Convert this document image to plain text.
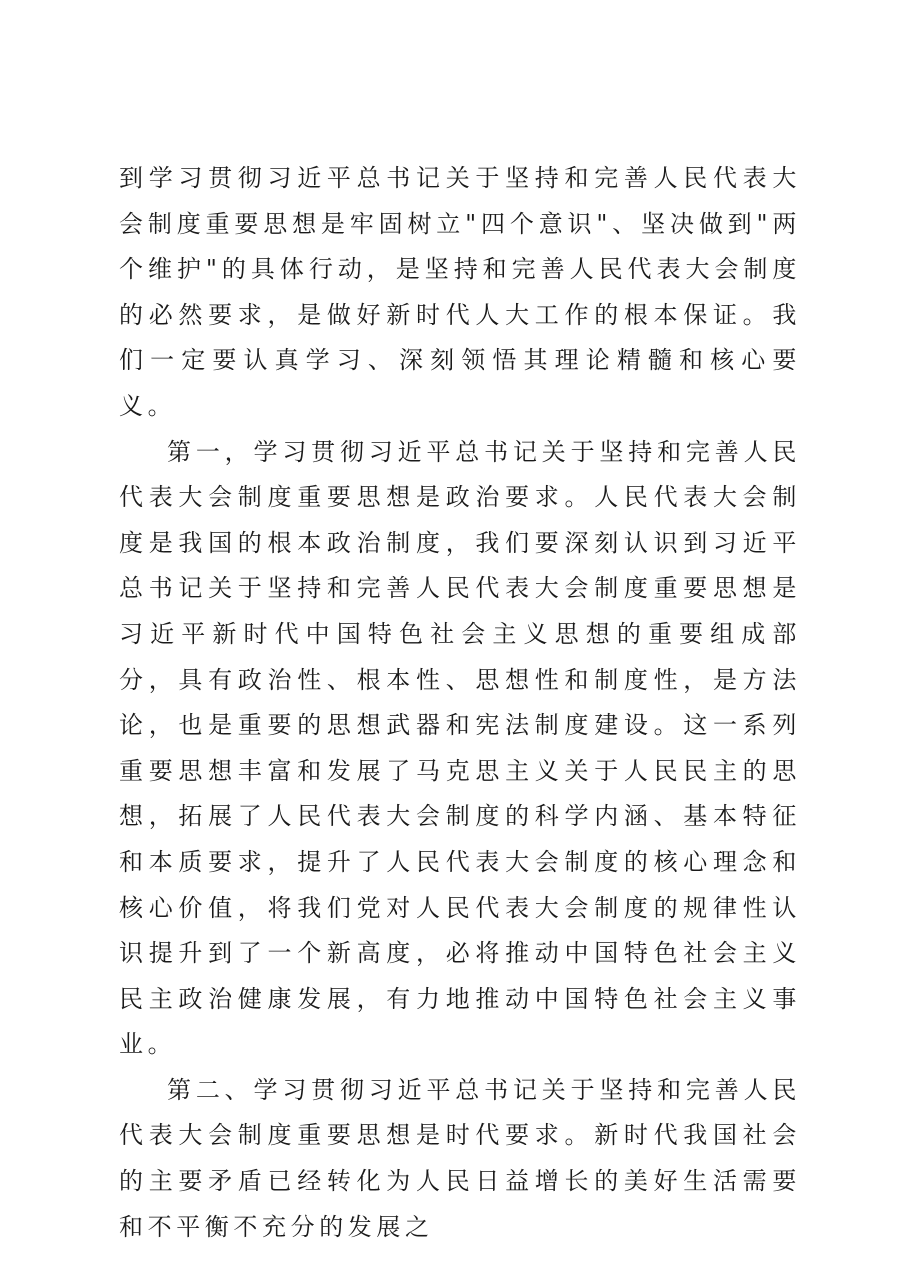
到学习贯彻习近平总书记关于坚持和完善人民代表大会制度重要思想是牢固树立"四个意识"、坚决做到"两个维护"的具体行动，是坚持和完善人民代表大会制度的必然要求，是做好新时代人大工作的根本保证。我们一定要认真学习、深刻领悟其理论精髓和核心要义。

第一，学习贯彻习近平总书记关于坚持和完善人民代表大会制度重要思想是政治要求。人民代表大会制度是我国的根本政治制度，我们要深刻认识到习近平总书记关于坚持和完善人民代表大会制度重要思想是习近平新时代中国特色社会主义思想的重要组成部分，具有政治性、根本性、思想性和制度性，是方法论，也是重要的思想武器和宪法制度建设。这一系列重要思想丰富和发展了马克思主义关于人民民主的思想，拓展了人民代表大会制度的科学内涵、基本特征和本质要求，提升了人民代表大会制度的核心理念和核心价值，将我们党对人民代表大会制度的规律性认识提升到了一个新高度，必将推动中国特色社会主义民主政治健康发展，有力地推动中国特色社会主义事业。

第二、学习贯彻习近平总书记关于坚持和完善人民代表大会制度重要思想是时代要求。新时代我国社会的主要矛盾已经转化为人民日益增长的美好生活需要和不平衡不充分的发展之
